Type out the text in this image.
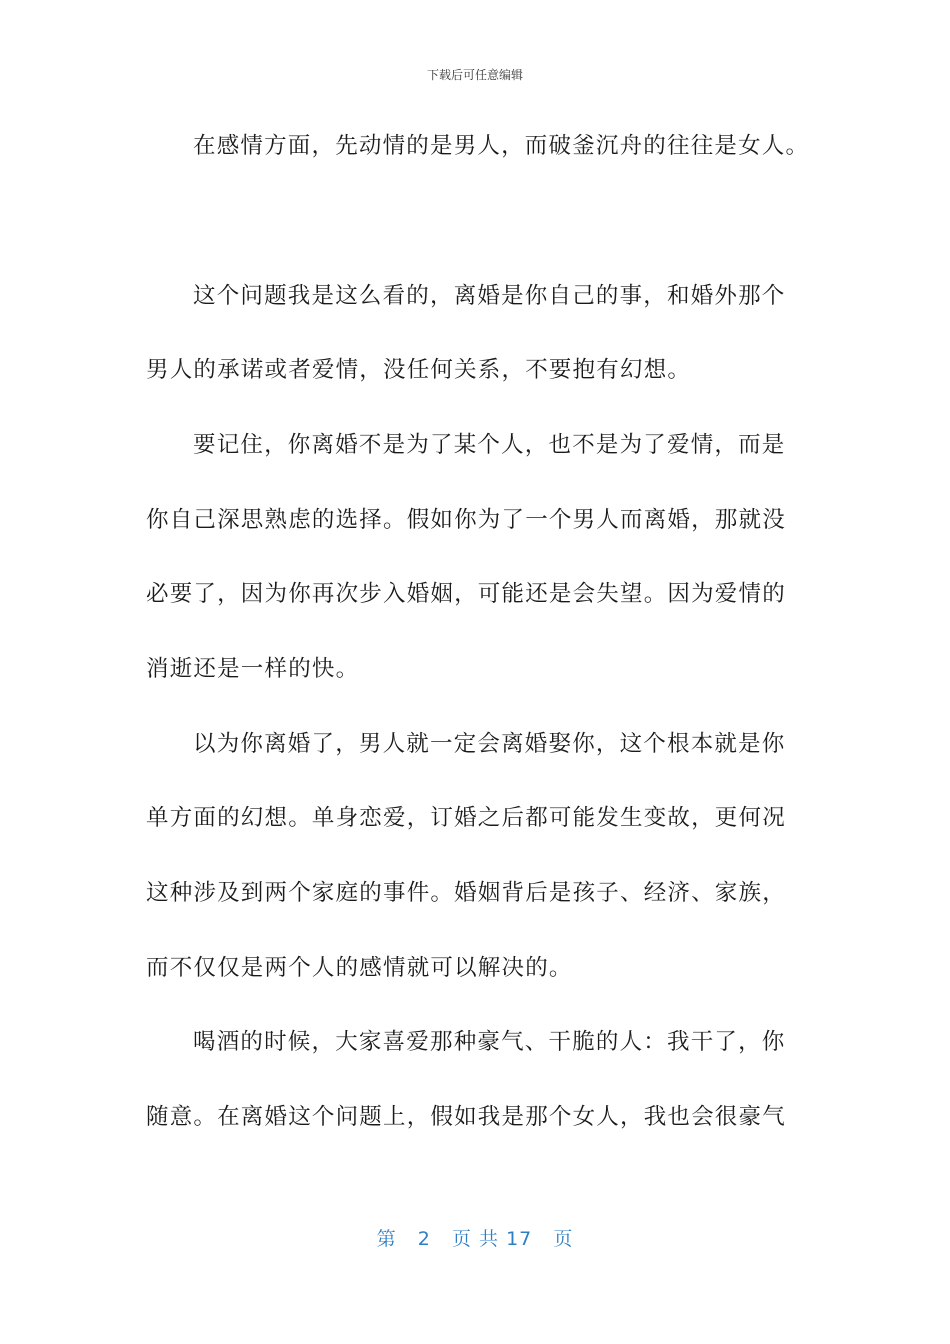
下载后可任意编辑
在感情方面，先动情的是男人，而破釜沉舟的往往是女人。
这个问题我是这么看的，离婚是你自己的事，和婚外那个
男人的承诺或者爱情，没任何关系，不要抱有幻想。
要记住，你离婚不是为了某个人，也不是为了爱情，而是
你自己深思熟虑的选择。假如你为了一个男人而离婚，那就没
必要了，因为你再次步入婚姻，可能还是会失望。因为爱情的
消逝还是一样的快。
以为你离婚了，男人就一定会离婚娶你，这个根本就是你
单方面的幻想。单身恋爱，订婚之后都可能发生变故，更何况
这种涉及到两个家庭的事件。婚姻背后是孩子、经济、家族，
而不仅仅是两个人的感情就可以解决的。
喝酒的时候，大家喜爱那种豪气、干脆的人：我干了，你
随意。在离婚这个问题上，假如我是那个女人，我也会很豪气
第 2 页 共 17 页
